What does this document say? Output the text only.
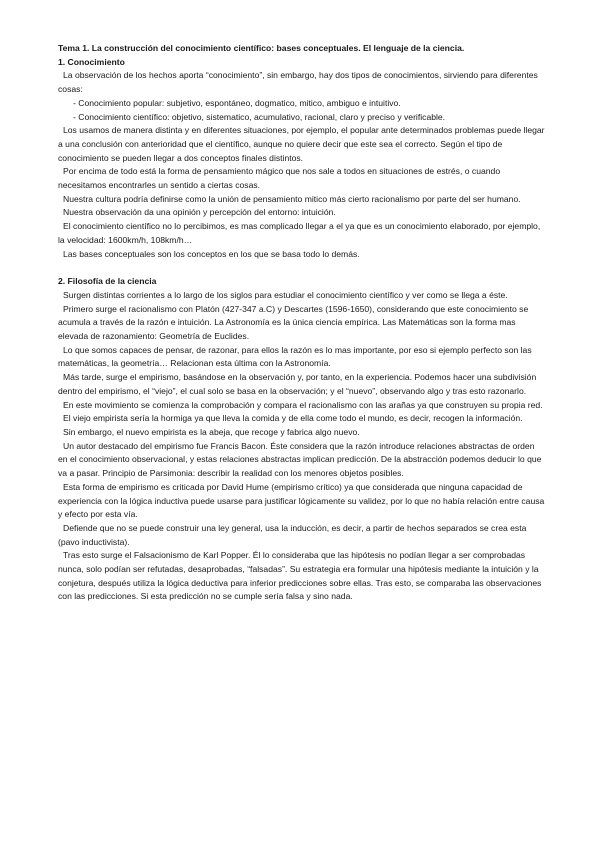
Tema 1. La construcción del conocimiento científico: bases conceptuales. El lenguaje de la ciencia.
1. Conocimiento
La observación de los hechos aporta “conocimiento”, sin embargo, hay dos tipos de conocimientos, sirviendo para diferentes cosas:
- Conocimiento popular: subjetivo, espontáneo, dogmatico, mitico, ambiguo e intuitivo.
- Conocimiento científico: objetivo, sistematico, acumulativo, racional, claro y preciso y verificable.
Los usamos de manera distinta y en diferentes situaciones, por ejemplo, el popular ante determinados problemas puede llegar a una conclusión con anterioridad que el científico, aunque no quiere decir que este sea el correcto. Según el tipo de conocimiento se pueden llegar a dos conceptos finales distintos.
Por encima de todo está la forma de pensamiento mágico que nos sale a todos en situaciones de estrés, o cuando necesitamos encontrarles un sentido a ciertas cosas.
Nuestra cultura podría definirse como la unión de pensamiento mitico más cierto racionalismo por parte del ser humano.
Nuestra observación da una opinión y percepción del entorno: intuición.
El conocimiento científico no lo percibimos, es mas complicado llegar a el ya que es un conocimiento elaborado, por ejemplo, la velocidad: 1600km/h, 108km/h…
Las bases conceptuales son los conceptos en los que se basa todo lo demás.
2. Filosofía de la ciencia
Surgen distintas corrientes a lo largo de los siglos para estudiar el conocimiento científico y ver como se llega a éste.
Primero surge el racionalismo con Platón (427-347 a.C) y Descartes (1596-1650), considerando que este conocimiento se acumula a través de la razón e intuición. La Astronomía es la única ciencia empírica. Las Matemáticas son la forma mas elevada de razonamiento: Geometría de Euclides.
Lo que somos capaces de pensar, de razonar, para ellos la razón es lo mas importante, por eso si ejemplo perfecto son las matemáticas, la geometría… Relacionan esta última con la Astronomía.
Más tarde, surge el empirismo, basándose en la observación y, por tanto, en la experiencia. Podemos hacer una subdivisión dentro del empirismo, el “viejo”, el cual solo se basa en la observación; y el “nuevo”, observando algo y tras esto razonarlo.
En este movimiento se comienza la comprobación y compara el racionalismo con las arañas ya que construyen su propia red.
El viejo empirista sería la hormiga ya que lleva la comida y de ella come todo el mundo, es decir, recogen la información.
Sin embargo, el nuevo empirista es la abeja, que recoge y fabrica algo nuevo.
Un autor destacado del empirismo fue Francis Bacon. Éste considera que la razón introduce relaciones abstractas de orden en el conocimiento observacional, y estas relaciones abstractas implican predicción. De la abstracción podemos deducir lo que va a pasar. Principio de Parsimonia: describir la realidad con los menores objetos posibles.
Esta forma de empirismo es criticada por David Hume (empirismo crítico) ya que considerada que ninguna capacidad de experiencia con la lógica inductiva puede usarse para justificar lógicamente su validez, por lo que no había relación entre causa y efecto por esta vía.
Defiende que no se puede construir una ley general, usa la inducción, es decir, a partir de hechos separados se crea esta (pavo inductivista).
Tras esto surge el Falsacionismo de Karl Popper. Él lo consideraba que las hipótesis no podían llegar a ser comprobadas nunca, solo podían ser refutadas, desaprobadas, “falsadas”. Su estrategia era formular una hipótesis mediante la intuición y la conjetura, después utiliza la lógica deductiva para inferior predicciones sobre ellas. Tras esto, se comparaba las observaciones con las predicciones. Si esta predicción no se cumple sería falsa y sino nada.
